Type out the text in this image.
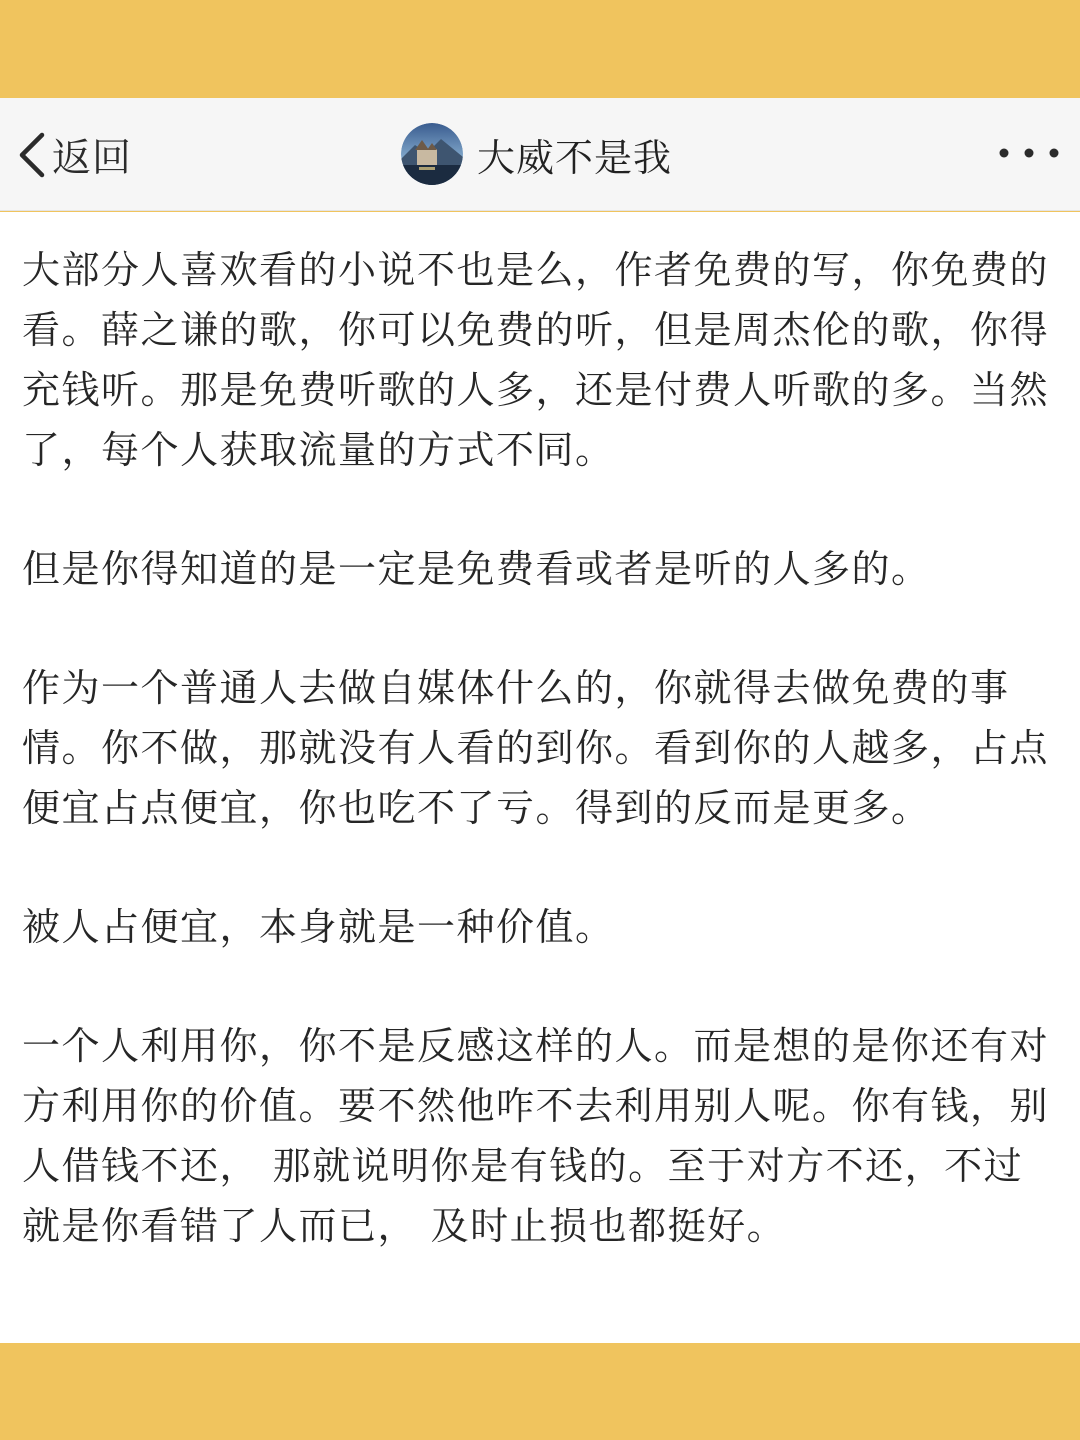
返回	大威不是我

大部分人喜欢看的小说不也是么，作者免费的写，你免费的看。薛之谦的歌，你可以免费的听，但是周杰伦的歌，你得充钱听。那是免费听歌的人多，还是付费人听歌的多。当然了，每个人获取流量的方式不同。

但是你得知道的是一定是免费看或者是听的人多的。

作为一个普通人去做自媒体什么的，你就得去做免费的事情。你不做，那就没有人看的到你。看到你的人越多，占点便宜占点便宜，你也吃不了亏。得到的反而是更多。

被人占便宜，本身就是一种价值。

一个人利用你，你不是反感这样的人。而是想的是你还有对方利用你的价值。要不然他咋不去利用别人呢。你有钱，别人借钱不还， 那就说明你是有钱的。至于对方不还，不过就是你看错了人而已， 及时止损也都挺好。
